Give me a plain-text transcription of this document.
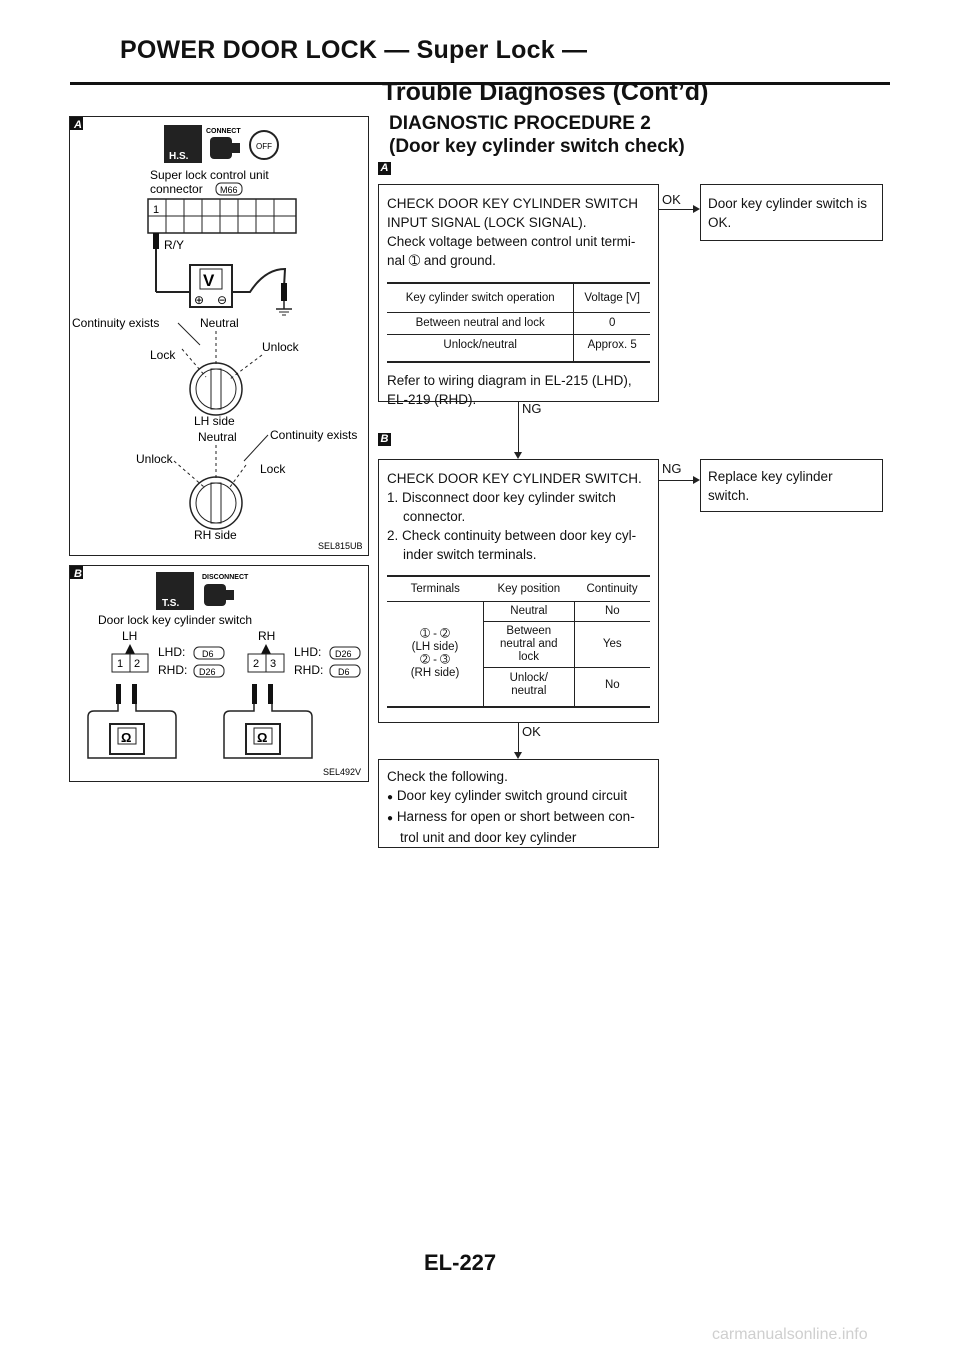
POWER DOOR LOCK — Super Lock —
Trouble Diagnoses (Cont’d)
DIAGNOSTIC PROCEDURE 2
(Door key cylinder switch check)
A
H.S.
CONNECT
OFF
Super lock control unit
connector M66
1
R/Y
V
⊕ ⊖
Continuity exists	Neutral
Lock
Unlock
LH side
Neutral	Continuity exists
Unlock
Lock
RH side
SEL815UB
B
T.S.
DISCONNECT
Door lock key cylinder switch
LH
1 2
LHD:
RHD:
D6
D26
Ω
RH
2 3
LHD:
RHD:
D26
D6
Ω
SEL492V
A
CHECK DOOR KEY CYLINDER SWITCH
INPUT SIGNAL (LOCK SIGNAL).
Check voltage between control unit termi-
nal ➀ and ground.
Key cylinder switch operation	Voltage [V]
Between neutral and lock	0
Unlock/neutral	Approx. 5
Refer to wiring diagram in EL-215 (LHD),
EL-219 (RHD).
OK Door key cylinder switch is
OK.
NG
B
CHECK DOOR KEY CYLINDER SWITCH.
1. Disconnect door key cylinder switch
connector.
2. Check continuity between door key cyl-
inder switch terminals.
Terminals	Key position	Continuity

➀ - ➁
(LH side)
➁ - ➂
(RH side)	Neutral	No

	Between
neutral and
lock	Yes

	Unlock/
neutral	No
NG
Replace key cylinder
switch.
OK
Check the following.
● Door key cylinder switch ground circuit
● Harness for open or short between con-
trol unit and door key cylinder
EL-227
carmanualsonline.info
